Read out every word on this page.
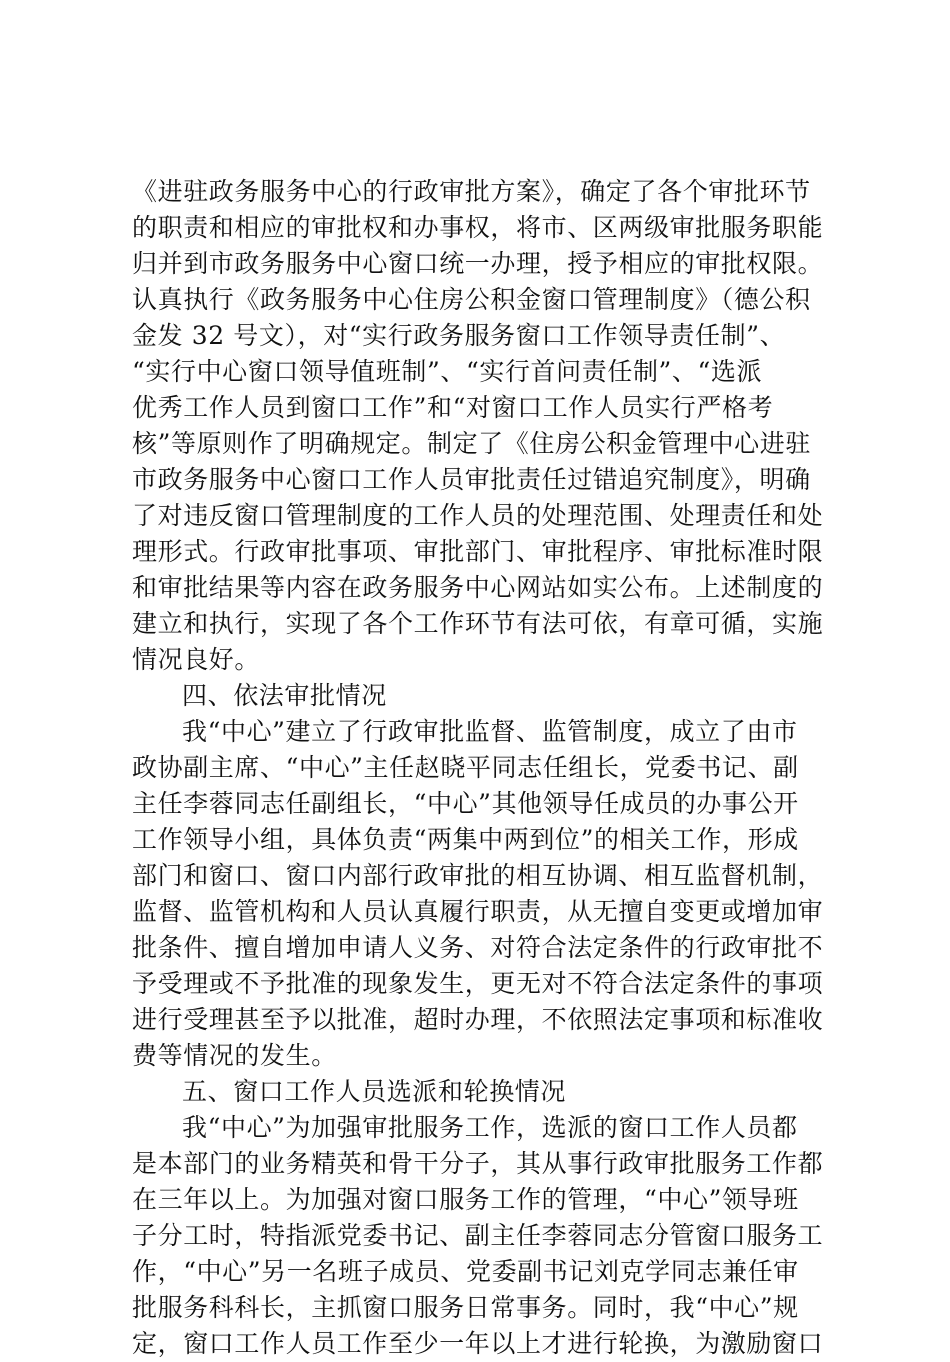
《进驻政务服务中心的行政审批方案》，确定了各个审批环节
的职责和相应的审批权和办事权，将市、区两级审批服务职能
归并到市政务服务中心窗口统一办理，授予相应的审批权限。
认真执行《政务服务中心住房公积金窗口管理制度》（德公积
金发 32 号文），对“实行政务服务窗口工作领导责任制”、
“实行中心窗口领导值班制”、“实行首问责任制”、“选派
优秀工作人员到窗口工作”和“对窗口工作人员实行严格考
核”等原则作了明确规定。制定了《住房公积金管理中心进驻
市政务服务中心窗口工作人员审批责任过错追究制度》，明确
了对违反窗口管理制度的工作人员的处理范围、处理责任和处
理形式。行政审批事项、审批部门、审批程序、审批标准时限
和审批结果等内容在政务服务中心网站如实公布。上述制度的
建立和执行，实现了各个工作环节有法可依，有章可循，实施
情况良好。
四、依法审批情况
我“中心”建立了行政审批监督、监管制度，成立了由市
政协副主席、“中心”主任赵晓平同志任组长，党委书记、副
主任李蓉同志任副组长，“中心”其他领导任成员的办事公开
工作领导小组，具体负责“两集中两到位”的相关工作，形成
部门和窗口、窗口内部行政审批的相互协调、相互监督机制，
监督、监管机构和人员认真履行职责，从无擅自变更或增加审
批条件、擅自增加申请人义务、对符合法定条件的行政审批不
予受理或不予批准的现象发生，更无对不符合法定条件的事项
进行受理甚至予以批准，超时办理，不依照法定事项和标准收
费等情况的发生。
五、窗口工作人员选派和轮换情况
我“中心”为加强审批服务工作，选派的窗口工作人员都
是本部门的业务精英和骨干分子，其从事行政审批服务工作都
在三年以上。为加强对窗口服务工作的管理，“中心”领导班
子分工时，特指派党委书记、副主任李蓉同志分管窗口服务工
作，“中心”另一名班子成员、党委副书记刘克学同志兼任审
批服务科科长，主抓窗口服务日常事务。同时，我“中心”规
定，窗口工作人员工作至少一年以上才进行轮换，为激励窗口
